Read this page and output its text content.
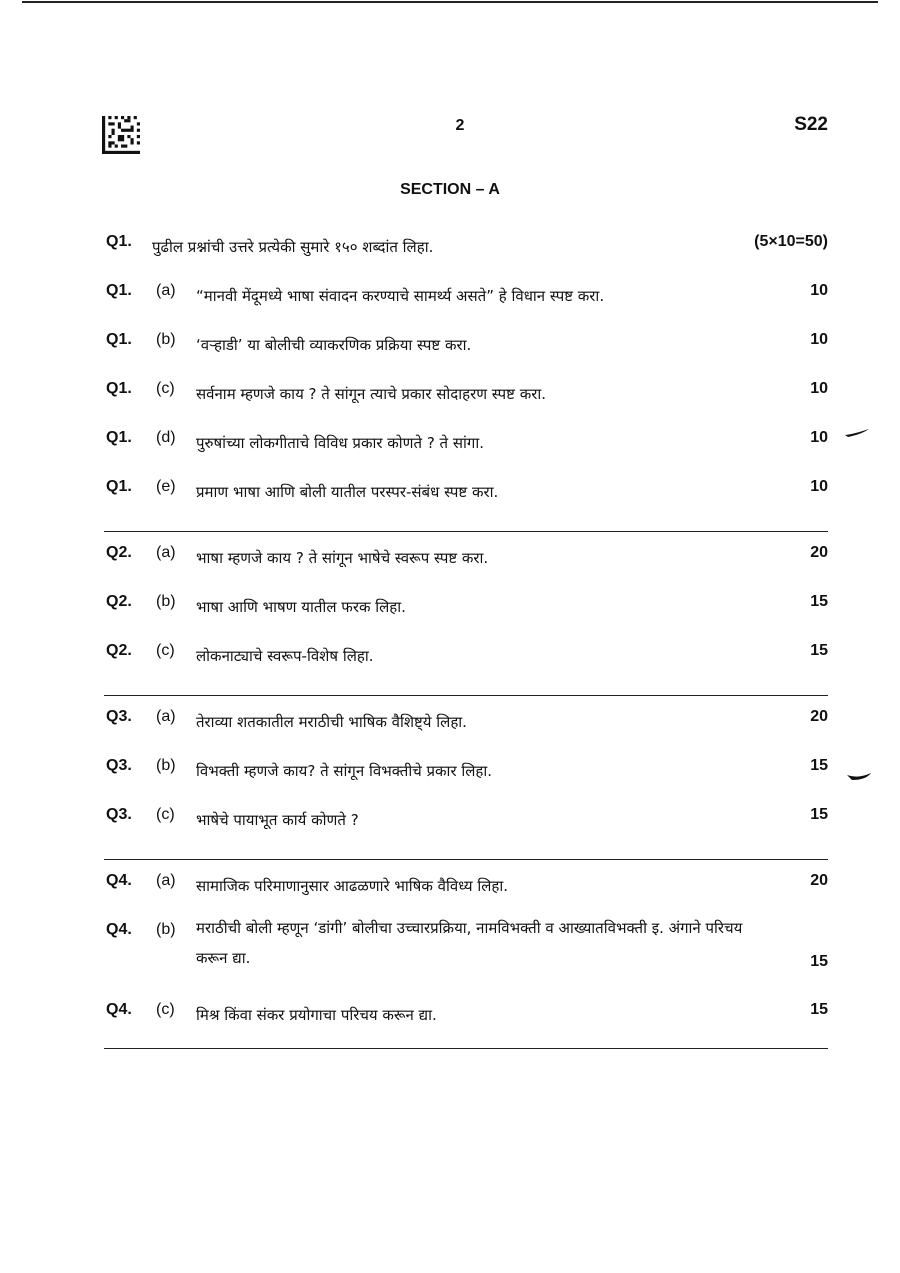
2	S22
SECTION – A
Q1. पुढील प्रश्नांची उत्तरे प्रत्येकी सुमारे १५० शब्दांत लिहा.	(5×10=50)
Q1. (a) “मानवी मेंदूमध्ये भाषा संवादन करण्याचे सामर्थ्य असते” हे विधान स्पष्ट करा.	10
Q1. (b) ‘वऱ्हाडी’ या बोलीची व्याकरणिक प्रक्रिया स्पष्ट करा.	10
Q1. (c) सर्वनाम म्हणजे काय ? ते सांगून त्याचे प्रकार सोदाहरण स्पष्ट करा.	10
Q1. (d) पुरुषांच्या लोकगीताचे विविध प्रकार कोणते ? ते सांगा.	10
Q1. (e) प्रमाण भाषा आणि बोली यातील परस्पर-संबंध स्पष्ट करा.	10
Q2. (a) भाषा म्हणजे काय ? ते सांगून भाषेचे स्वरूप स्पष्ट करा.	20
Q2. (b) भाषा आणि भाषण यातील फरक लिहा.	15
Q2. (c) लोकनाट्याचे स्वरूप-विशेष लिहा.	15
Q3. (a) तेराव्या शतकातील मराठीची भाषिक वैशिष्ट्ये लिहा.	20
Q3. (b) विभक्ती म्हणजे काय? ते सांगून विभक्तीचे प्रकार लिहा.	15
Q3. (c) भाषेचे पायाभूत कार्य कोणते ?	15
Q4. (a) सामाजिक परिमाणानुसार आढळणारे भाषिक वैविध्य लिहा.	20
Q4. (b) मराठीची बोली म्हणून ‘डांगी’ बोलीचा उच्चारप्रक्रिया, नामविभक्ती व आख्यातविभक्ती इ. अंगाने परिचय करून द्या.	15
Q4. (c) मिश्र किंवा संकर प्रयोगाचा परिचय करून द्या.	15
